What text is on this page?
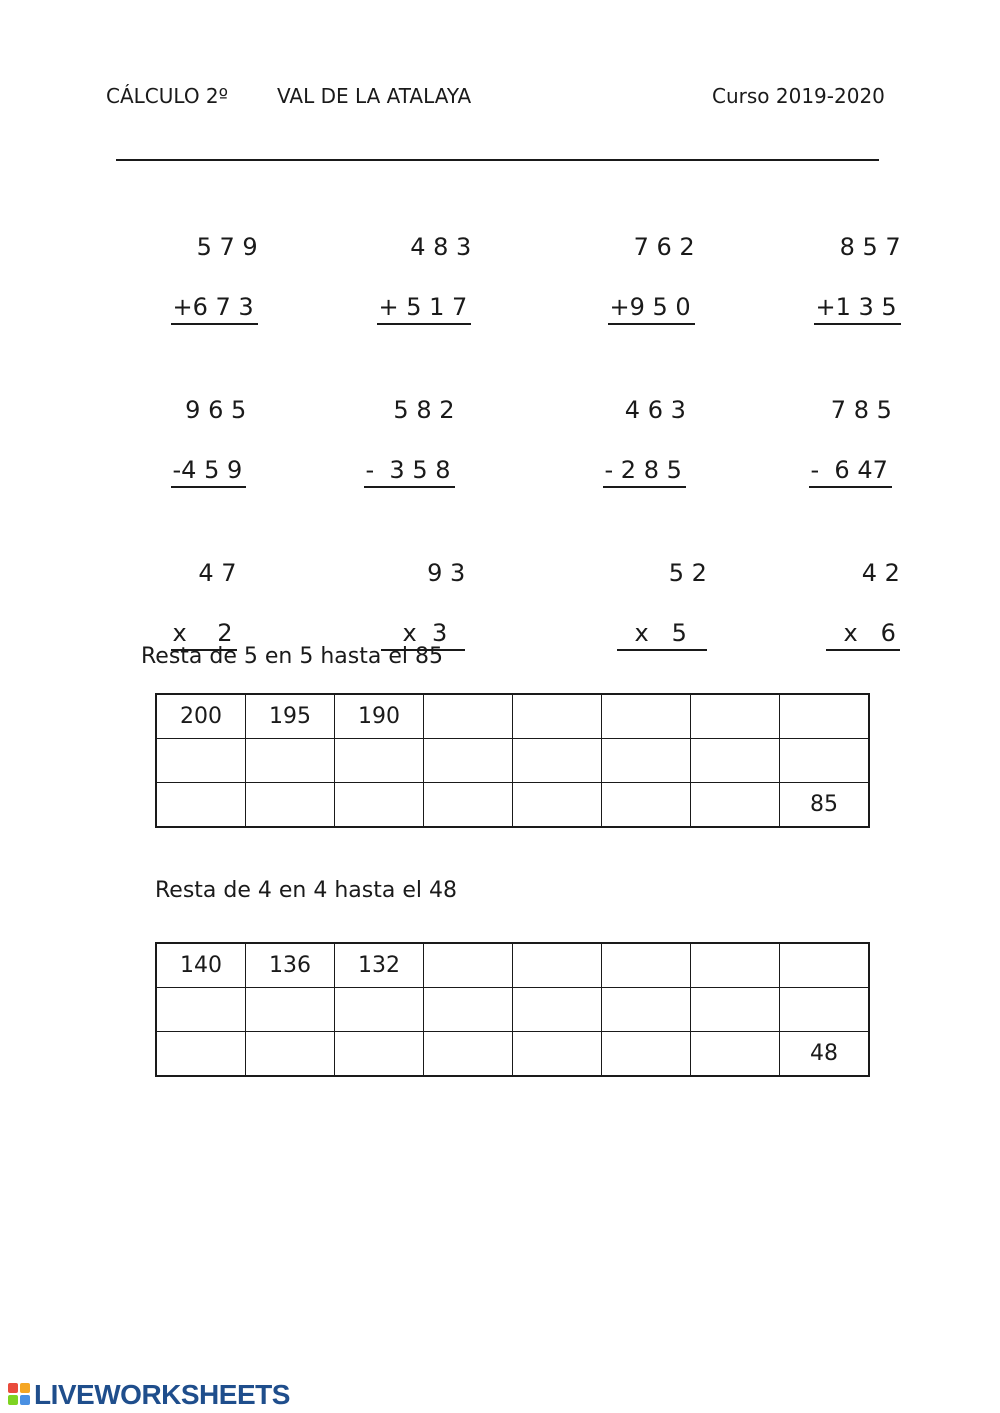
CÁLCULO 2º VAL DE LA ATALAYA	Curso 2019-2020

5 7 9

+6 7 3

4 8 3

+ 5 1 7

7 6 2

+9 5 0

8 5 7

+1 3 5

9 6 5

-4 5 9

5 8 2

-  3 5 8

4 6 3

- 2 8 5

7 8 5

-  6 47

4 7

x    2

9 3

x  3

5 2

x   5

4 2

x   6

Resta de 5 en 5 hasta el 85
200	195	190					

							85
Resta de 4 en 4 hasta el 48
140	136	132					

							48
LIVEWORKSHEETS
